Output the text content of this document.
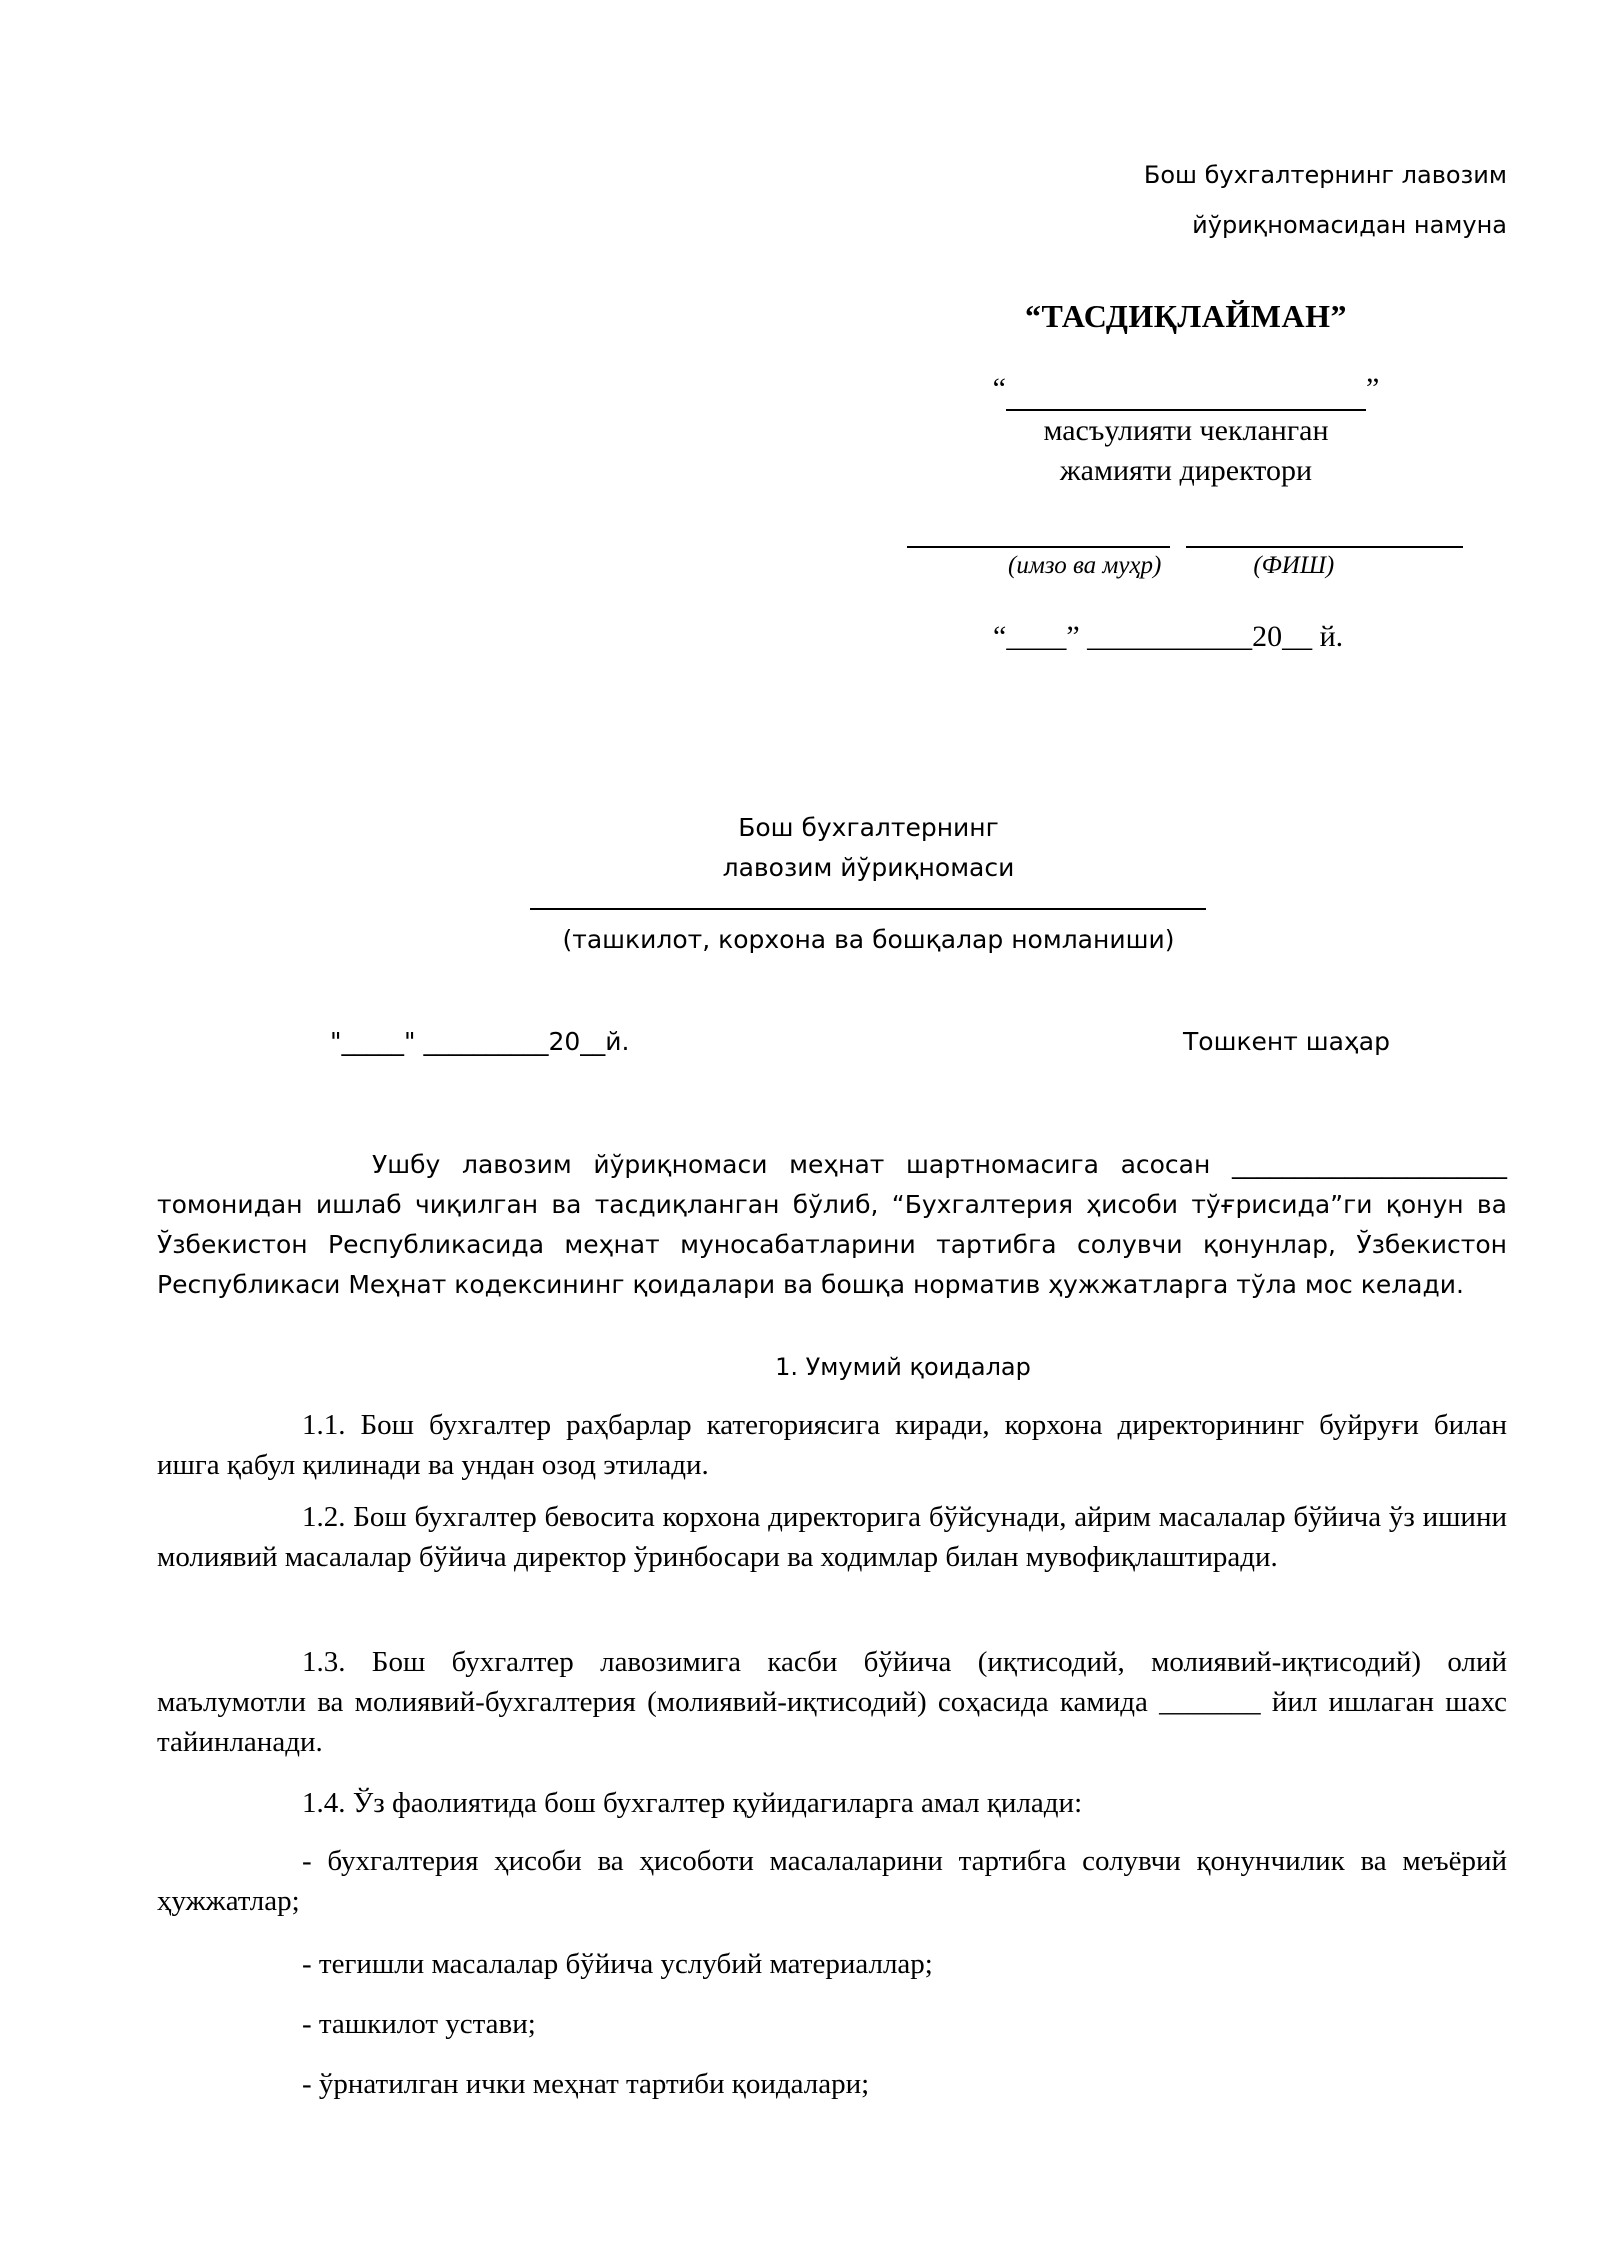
Бош бухгалтернинг лавозим
йўриқномасидан намуна
“ТАСДИҚЛАЙМАН”
“	”
масъулияти чекланган
жамияти директори
(имзо ва муҳр)	(ФИШ)
“____” ___________20__ й.
Бош бухгалтернинг
лавозим йўриқномаси
(ташкилот, корхона ва бошқалар номланиши)
"_____" __________20__й.	Тошкент шаҳар
Ушбу лавозим йўриқномаси меҳнат шартномасига асосан ______________________
томонидан ишлаб чиқилган ва тасдиқланган бўлиб, “Бухгалтерия ҳисоби тўғрисида”ги қонун ва Ўзбекистон Республикасида меҳнат муносабатларини тартибга солувчи қонунлар, Ўзбекистон Республикаси Меҳнат кодексининг қоидалари ва бошқа норматив ҳужжатларга тўла мос келади.
1. Умумий қоидалар
1.1. Бош бухгалтер раҳбарлар категориясига киради, корхона директорининг буйруғи билан ишга қабул қилинади ва ундан озод этилади.
1.2. Бош бухгалтер бевосита корхона директорига бўйсунади, айрим масалалар бўйича ўз ишини молиявий масалалар бўйича директор ўринбосари ва ходимлар билан мувофиқлаштиради.
1.3. Бош бухгалтер лавозимига касби бўйича (иқтисодий, молиявий-иқтисодий) олий маълумотли ва молиявий-бухгалтерия (молиявий-иқтисодий) соҳасида камида _______ йил ишлаган шахс тайинланади.
1.4. Ўз фаолиятида бош бухгалтер қуйидагиларга амал қилади:
- бухгалтерия ҳисоби ва ҳисоботи масалаларини тартибга солувчи қонунчилик ва меъёрий ҳужжатлар;
- тегишли масалалар бўйича услубий материаллар;
- ташкилот устави;
- ўрнатилган ички меҳнат тартиби қоидалари;
